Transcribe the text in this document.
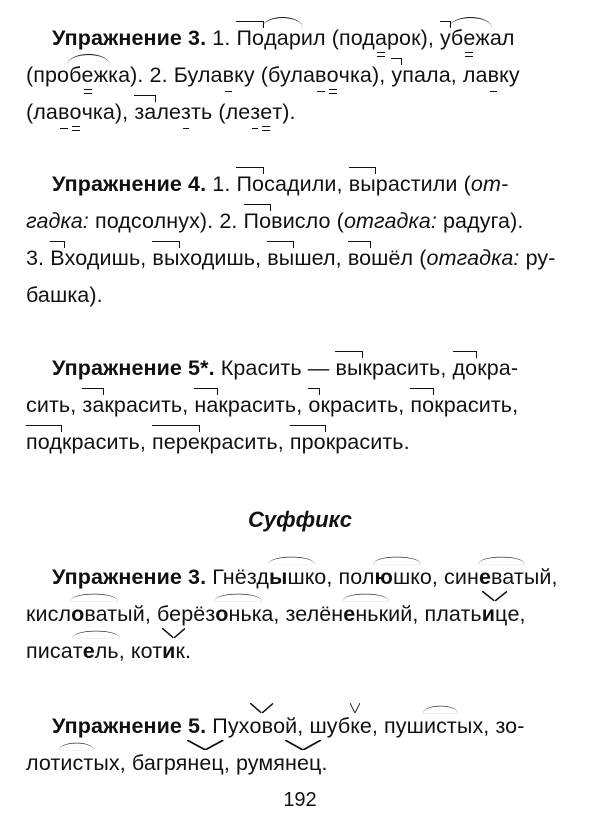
Упражнение 3. 1. Подарил (подарок), убежал
(пробежка). 2. Булавку (булавочка), упала, лавку
(лавочка), залезть (лезет).
Упражнение 4. 1. Посадили, вырастили (от-
гадка: подсолнух). 2. Повисло (отгадка: радуга).
3. Входишь, выходишь, вышел, вошёл (отгадка: ру-
башка).
Упражнение 5*. Красить — выкрасить, докра-
сить, закрасить, накрасить, окрасить, покрасить,
подкрасить, перекрасить, прокрасить.
Суффикс
Упражнение 3. Гнёздышко, полюшко, синеватый,
кисловатый, берёзонька, зелёненький, платьице,
писатель, котик.
Упражнение 5. Пуховой, шубке, пушистых, зо-
лотистых, багрянец, румянец.
192
